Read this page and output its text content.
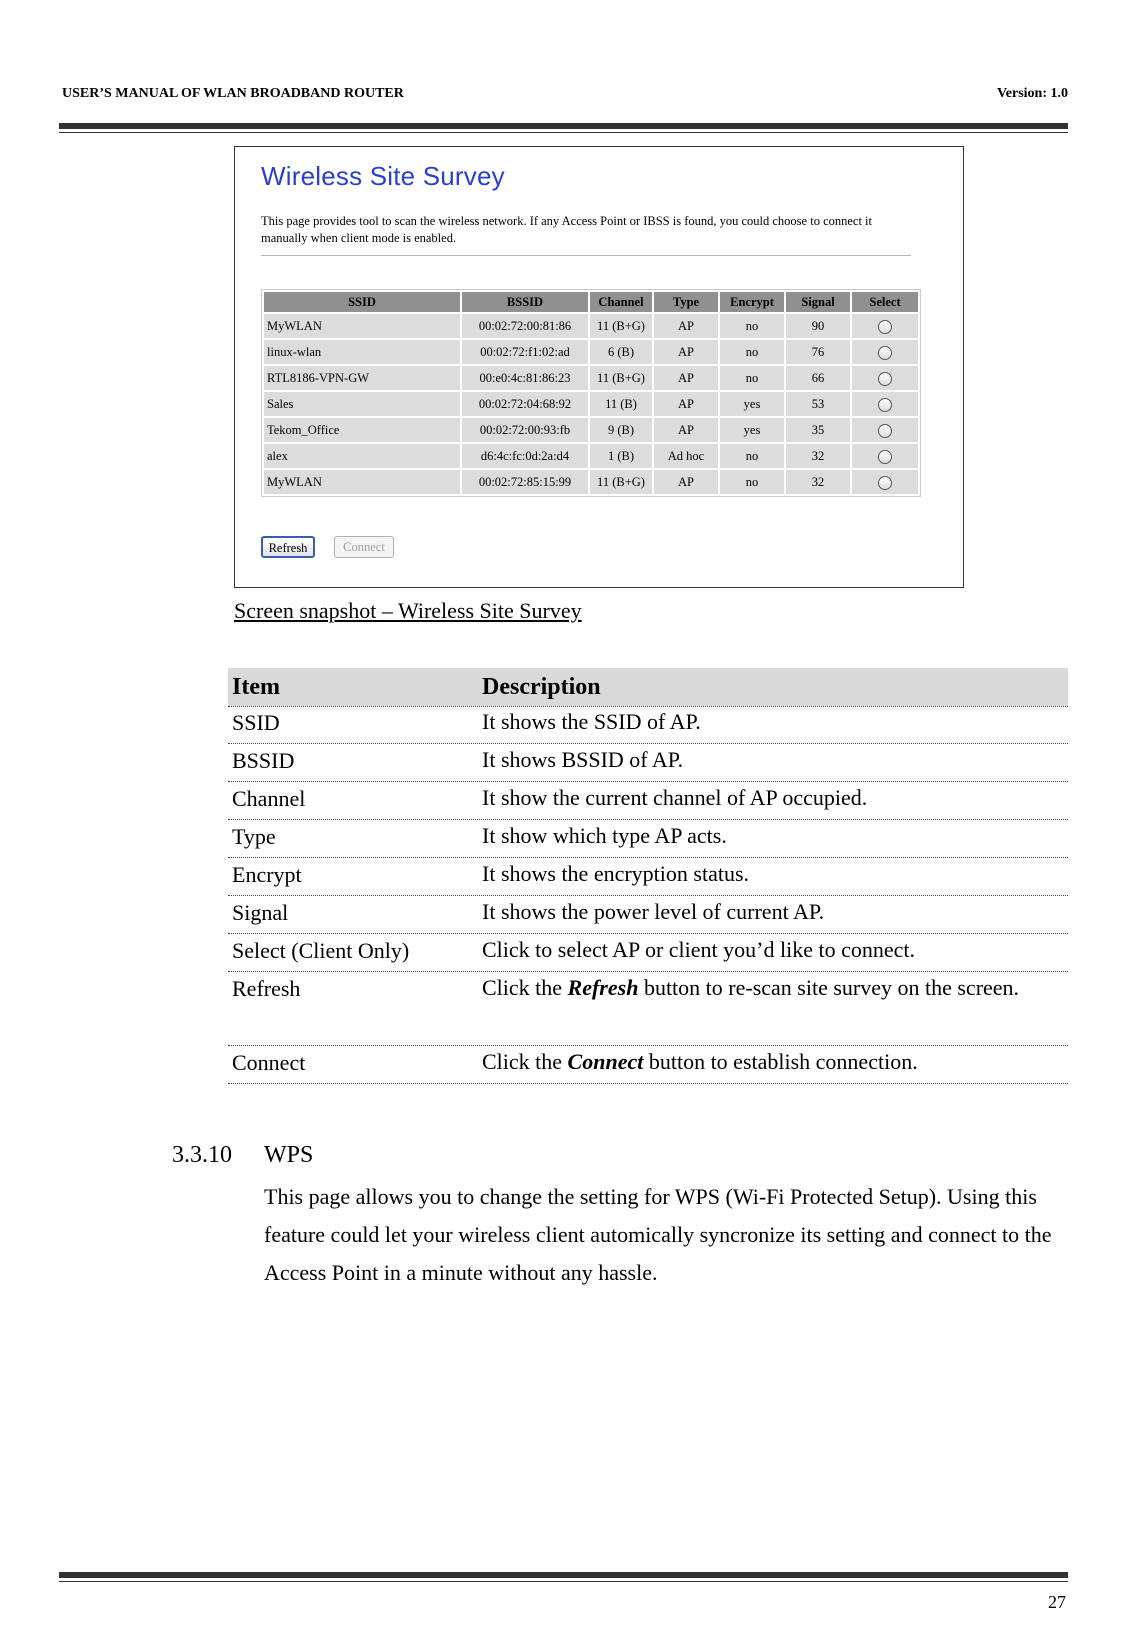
USER’S MANUAL OF WLAN BROADBAND ROUTER	Version: 1.0
Wireless Site Survey
This page provides tool to scan the wireless network. If any Access Point or IBSS is found, you could choose to connect it manually when client mode is enabled.
SSID	BSSID	Channel	Type	Encrypt	Signal	Select
MyWLAN	00:02:72:00:81:86	11 (B+G)	AP	no	90	
linux-wlan	00:02:72:f1:02:ad	6 (B)	AP	no	76	
RTL8186-VPN-GW	00:e0:4c:81:86:23	11 (B+G)	AP	no	66	
Sales	00:02:72:04:68:92	11 (B)	AP	yes	53	
Tekom_Office	00:02:72:00:93:fb	9 (B)	AP	yes	35	
alex	d6:4c:fc:0d:2a:d4	1 (B)	Ad hoc	no	32	
MyWLAN	00:02:72:85:15:99	11 (B+G)	AP	no	32	
Refresh	Connect
Screen snapshot – Wireless Site Survey
Item	Description
SSID	It shows the SSID of AP.
BSSID	It shows BSSID of AP.
Channel	It show the current channel of AP occupied.
Type	It show which type AP acts.
Encrypt	It shows the encryption status.
Signal	It shows the power level of current AP.
Select (Client Only)	Click to select AP or client you’d like to connect.
Refresh	Click the Refresh button to re-scan site survey on the screen.
Connect	Click the Connect button to establish connection.
3.3.10 WPS
This page allows you to change the setting for WPS (Wi-Fi Protected Setup). Using this feature could let your wireless client automically syncronize its setting and connect to the Access Point in a minute without any hassle.
27
